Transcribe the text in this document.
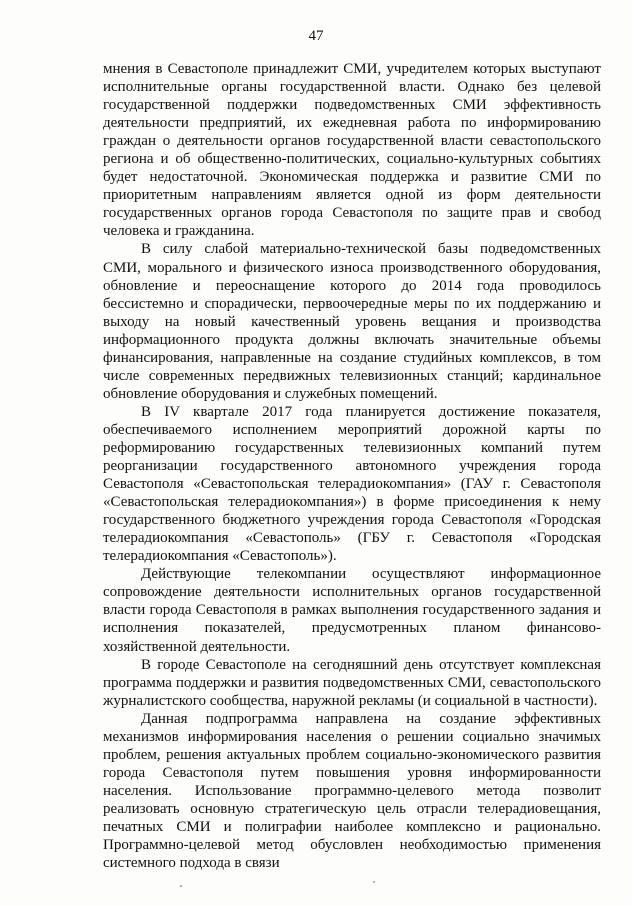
47

мнения в Севастополе принадлежит СМИ, учредителем которых выступают исполнительные органы государственной власти. Однако без целевой государственной поддержки подведомственных СМИ эффективность деятельности предприятий, их ежедневная работа по информированию граждан о деятельности органов государственной власти севастопольского региона и об общественно-политических, социально-культурных событиях будет недостаточной. Экономическая поддержка и развитие СМИ по приоритетным направлениям является одной из форм деятельности государственных органов города Севастополя по защите прав и свобод человека и гражданина.

В силу слабой материально-технической базы подведомственных СМИ, морального и физического износа производственного оборудования, обновление и переоснащение которого до 2014 года проводилось бессистемно и спорадически, первоочередные меры по их поддержанию и выходу на новый качественный уровень вещания и производства информационного продукта должны включать значительные объемы финансирования, направленные на создание студийных комплексов, в том числе современных передвижных телевизионных станций; кардинальное обновление оборудования и служебных помещений.

В IV квартале 2017 года планируется достижение показателя, обеспечиваемого исполнением мероприятий дорожной карты по реформированию государственных телевизионных компаний путем реорганизации государственного автономного учреждения города Севастополя «Севастопольская телерадиокомпания» (ГАУ г. Севастополя «Севастопольская телерадиокомпания») в форме присоединения к нему государственного бюджетного учреждения города Севастополя «Городская телерадиокомпания «Севастополь» (ГБУ г. Севастополя «Городская телерадиокомпания «Севастополь»).

Действующие телекомпании осуществляют информационное сопровождение деятельности исполнительных органов государственной власти города Севастополя в рамках выполнения государственного задания и исполнения показателей, предусмотренных планом финансово-хозяйственной деятельности.

В городе Севастополе на сегодняшний день отсутствует комплексная программа поддержки и развития подведомственных СМИ, севастопольского журналистского сообщества, наружной рекламы (и социальной в частности).

Данная подпрограмма направлена на создание эффективных механизмов информирования населения о решении социально значимых проблем, решения актуальных проблем социально-экономического развития города Севастополя путем повышения уровня информированности населения. Использование программно-целевого метода позволит реализовать основную стратегическую цель отрасли телерадиовещания, печатных СМИ и полиграфии наиболее комплексно и рационально. Программно-целевой метод обусловлен необходимостью применения системного подхода в связи
